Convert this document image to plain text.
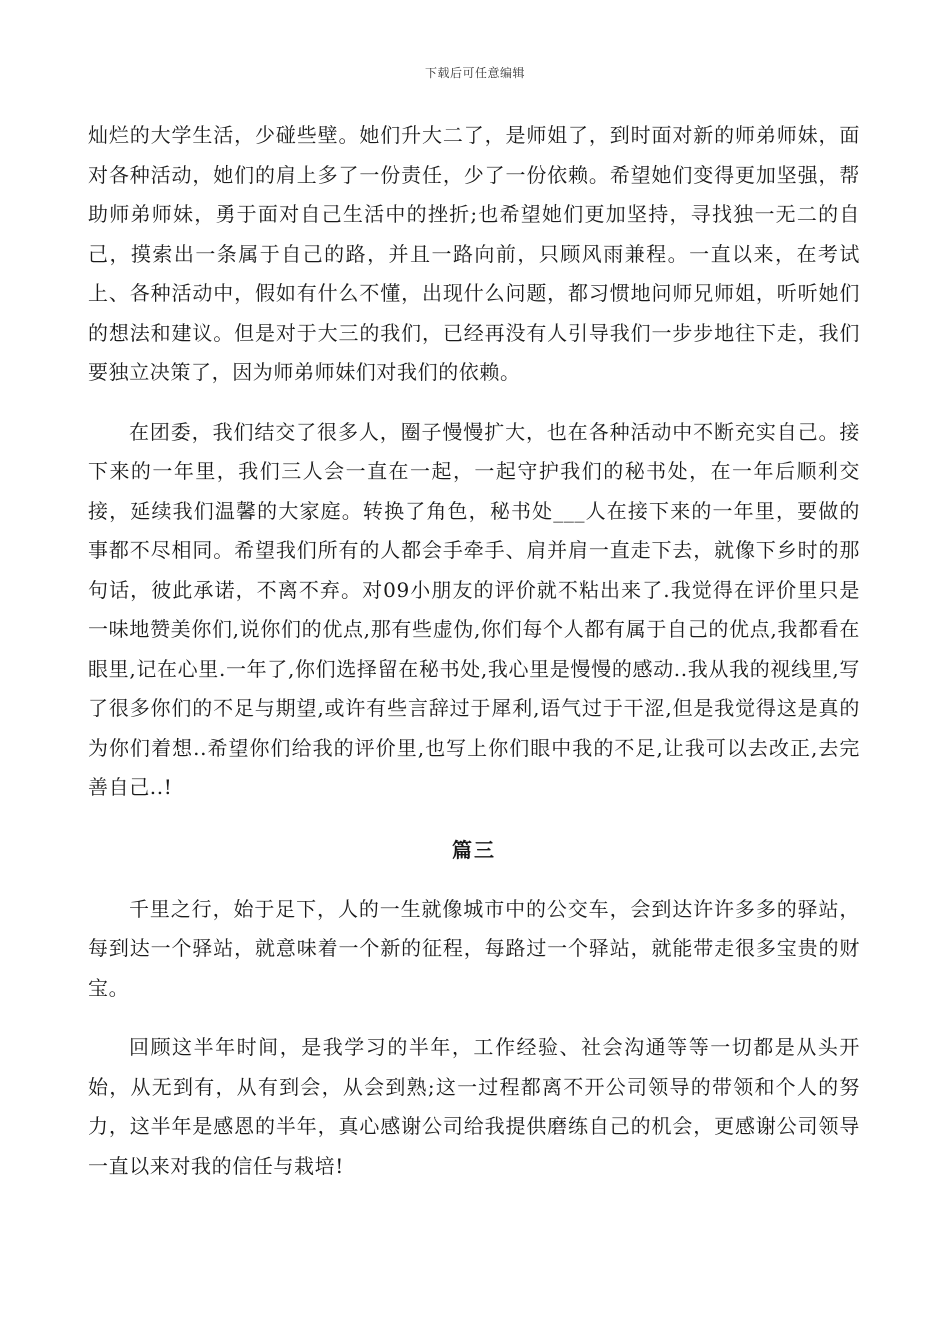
下载后可任意编辑

灿烂的大学生活，少碰些壁。她们升大二了，是师姐了，到时面对新的师弟师妹，面对各种活动，她们的肩上多了一份责任，少了一份依赖。希望她们变得更加坚强，帮助师弟师妹，勇于面对自己生活中的挫折;也希望她们更加坚持，寻找独一无二的自己，摸索出一条属于自己的路，并且一路向前，只顾风雨兼程。一直以来，在考试上、各种活动中，假如有什么不懂，出现什么问题，都习惯地问师兄师姐，听听她们的想法和建议。但是对于大三的我们，已经再没有人引导我们一步步地往下走，我们要独立决策了，因为师弟师妹们对我们的依赖。

在团委，我们结交了很多人，圈子慢慢扩大，也在各种活动中不断充实自己。接下来的一年里，我们三人会一直在一起，一起守护我们的秘书处，在一年后顺利交接，延续我们温馨的大家庭。转换了角色，秘书处___人在接下来的一年里，要做的事都不尽相同。希望我们所有的人都会手牵手、肩并肩一直走下去，就像下乡时的那句话，彼此承诺，不离不弃。对09小朋友的评价就不粘出来了.我觉得在评价里只是一味地赞美你们,说你们的优点,那有些虚伪,你们每个人都有属于自己的优点,我都看在眼里,记在心里.一年了,你们选择留在秘书处,我心里是慢慢的感动..我从我的视线里,写了很多你们的不足与期望,或许有些言辞过于犀利,语气过于干涩,但是我觉得这是真的为你们着想..希望你们给我的评价里,也写上你们眼中我的不足,让我可以去改正,去完善自己..!

篇三

千里之行，始于足下，人的一生就像城市中的公交车，会到达许许多多的驿站，每到达一个驿站，就意味着一个新的征程，每路过一个驿站，就能带走很多宝贵的财宝。

回顾这半年时间，是我学习的半年，工作经验、社会沟通等等一切都是从头开始，从无到有，从有到会，从会到熟;这一过程都离不开公司领导的带领和个人的努力，这半年是感恩的半年，真心感谢公司给我提供磨练自己的机会，更感谢公司领导一直以来对我的信任与栽培!
